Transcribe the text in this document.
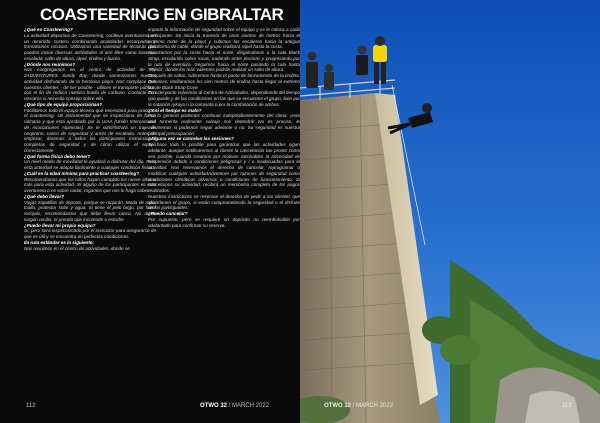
COASTEERING EN GIBRALTAR

¿Qué es Coasteering?

La actividad deportiva de Coasteering, conlleva aventurarse en un recorrido costero combinando acantilados escarpados y formaciones rocosas. Utilizamos una variedad de técnicas que pueden incluir diversas actividades al aire libre como travesía, escalada, salto de altura, rápel, tirolina y buceo.

¿Dónde nos reunimos?

Nos congregamos en el centro de actividad de RV 2ADVENTURES Sandy Bay, donde comenzamos nuestra actividad disfrutando de la hermosa playa. Nos complace que nuestros clientes - de ser posible - utilicen el transporte público, con el fin de reducir nuestra huella de carbono. Contacte con nosotros si necesita consejo sobre ello.

¿Qué tipo de equipo proporcionan?

Facilitamos todo el equipo técnico que necesitará para practicar el coasteering. Un instrumental que se inspecciona de forma rutinaria y que está aprobado por la UIAA (Unión Internacional de Asociaciones Alpinistas). Se le suministrará un traje de neopreno, casco de seguridad y arnés de escalada. Antes de empezar, daremos a todos los participantes instrucciones completas de seguridad y de cómo utilizar el equipo correctamente.

¿Qué forma física debo tener?

Un nivel medio de movilidad le ayudará a disfrutar del día. Pero esta actividad se adapta fácilmente a cualquier condición física.

¿Cuál es la edad mínima para practicar coasteering?

Recomendamos que los niños hayan cumplido los nueve años o más para esta actividad. Si alguno de los participantes es más aventurero o es sobre nadar, rogamos que nos lo haga saber.

¿Qué debo llevar?

Viejas zapatillas de deporte, porque se mojarán. Muda de ropa, toalla, protector solar y agua. Si tiene el pelo largo, por favor recójalo, recomendamos que debe llevar casco. No desar ningún recibir, ni prenda que incomode o estorbe.

¿Puedo llevar mi propio equipo?

Sí, pero será inspeccionado por el instructor para asegurarse de que es útil y se encuentra en perfectas condiciones.

Ila ruta estándar es la siguiente:

Nos reunimos en el centro de actividades, donde se

imparte la información de seguridad sobre el equipo y se le coloca a cada participante. Se inicia la travesía de unos cientos de metros hacia el extremo norte de la playa y subimos las escaleras hacia la antigua plataforma de cable, donde el grupo realizará rápel hasta la costa.

Avanzamos por la costa hacia el norte, dirigiéndonos a la cala Black Strap, escalando sobre rocas, nadando entre piscinas y progresando por la ruta de aventura. Seguimos hacia el norte pasando la cala hasta 'Frieda', donde los más valientes podrán realizar un salto de altura.

Después de saltar, subiremos hasta el punto de lanzamiento de la tirolina. Entonces, entiliaremos los cien metros de tirolina hasta llegar al extremo sur de Black Strap Cove.

En este punto volvemos al Centro de Actividades, dependiendo del tiempo que quede y de las condiciones en las que se encuentre el grupo, bien por la natación rykayo o la caminata o por la combinación de ambas.

¿Y si el tiempo es malo?

Por lo general podemos continuar independientemente del clima, ¡este una tormenta realmente salvaje nos detendrá! No es preciso, le avisaremos si podemos seguir adelante o no. Su seguridad es nuestra principal preocupación.

¿Alguna vez se cancelan las sesiones?

Se hace todo lo posible para garantizar que las actividades sigan adelante, aunque notificaremos al cliente la cancelación tan pronto como sea posible, cuando creamos por motivos razonables la necesidad de suspensión debido a condiciones peligrosas y / o inadecuadas para la actividad. Nos reservamos el derecho de cancelar, reprogramar o modificar cualquier actividadAdventure por razones de seguridad como condiciones climáticas adversas o condiciones de funcionamiento. Si cancelamos su actividad, recibirá un reembolso completo de los pagos realizados.

Nuestros instructores se reservan el derecho de pedir a los clientes que abandonen el grupo, si están comprometiendo la seguridad o el disfrute de los participantes.

¿Puedo cancelar?

Por supuesto, pero se requiere un depósito no reembolsable por adelantado para confirmar su reserva.

112	OTWO 32 / MARCH 2022	OTWO 32 / MARCH 2022	113
